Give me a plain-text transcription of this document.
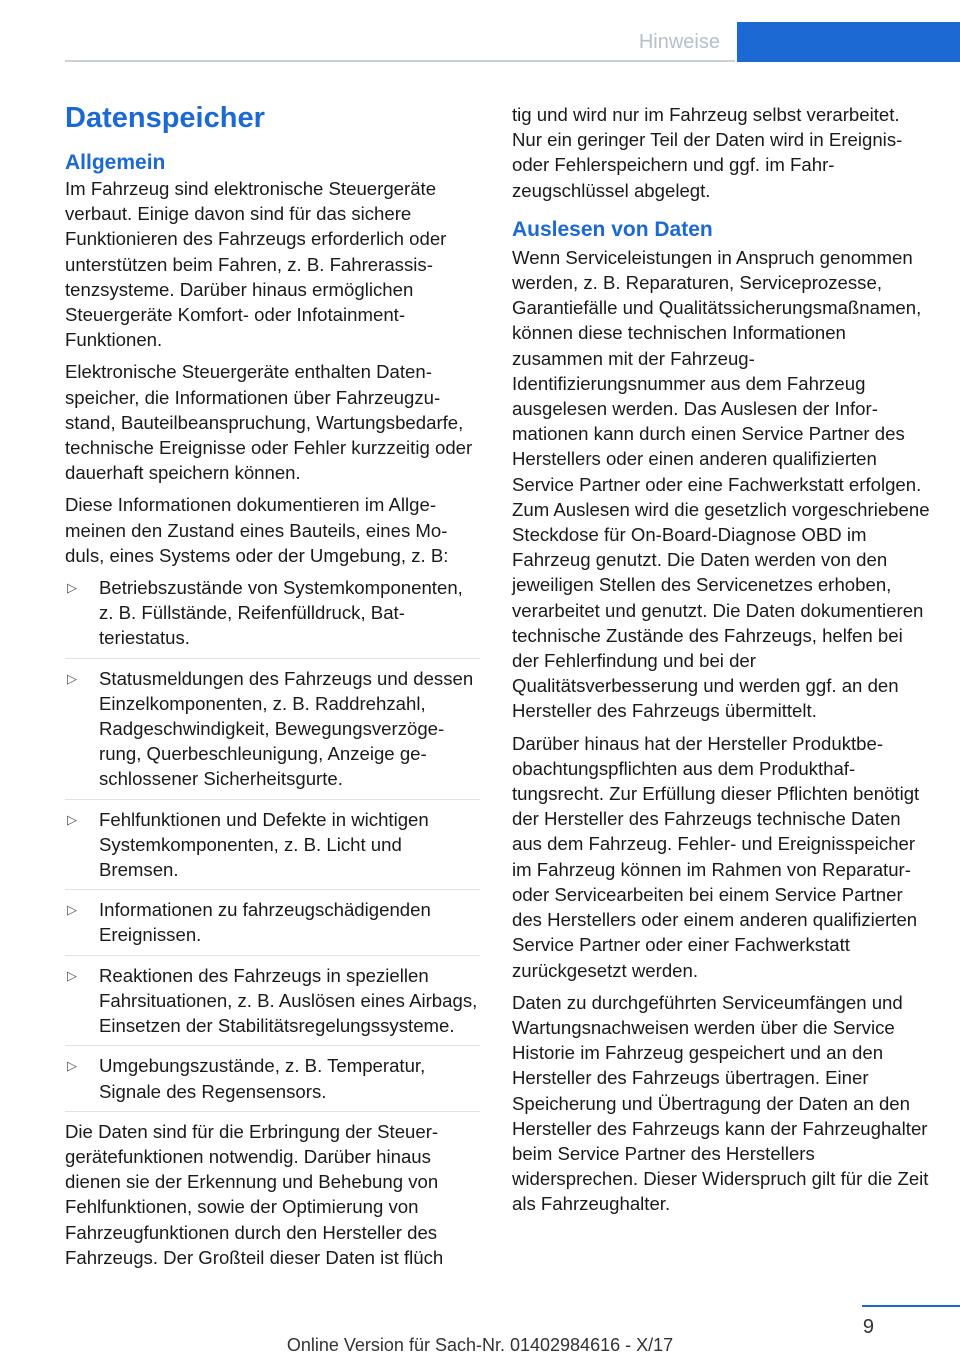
Hinweise
Datenspeicher
Allgemein

Im Fahrzeug sind elektronische Steuergeräte verbaut. Einige davon sind für das sichere Funktionieren des Fahrzeugs erforderlich oder unterstützen beim Fahren, z. B. Fahrerassistenzsysteme. Darüber hinaus ermöglichen Steuergeräte Komfort- oder Infotainment-Funktionen.

Elektronische Steuergeräte enthalten Datenspeicher, die Informationen über Fahrzeugzustand, Bauteilbeanspruchung, Wartungsbedarfe, technische Ereignisse oder Fehler kurzzeitig oder dauerhaft speichern können.

Diese Informationen dokumentieren im Allgemeinen den Zustand eines Bauteils, eines Moduls, eines Systems oder der Umgebung, z. B:

▷ Betriebszustände von Systemkomponenten, z. B. Füllstände, Reifenfülldruck, Batteriestatus.
▷ Statusmeldungen des Fahrzeugs und dessen Einzelkomponenten, z. B. Raddrehzahl, Radgeschwindigkeit, Bewegungsverzögerung, Querbeschleunigung, Anzeige geschlossener Sicherheitsgurte.
▷ Fehlfunktionen und Defekte in wichtigen Systemkomponenten, z. B. Licht und Bremsen.
▷ Informationen zu fahrzeugschädigenden Ereignissen.
▷ Reaktionen des Fahrzeugs in speziellen Fahrsituationen, z. B. Auslösen eines Airbags, Einsetzen der Stabilitätsregelungssysteme.
▷ Umgebungszustände, z. B. Temperatur, Signale des Regensensors.

Die Daten sind für die Erbringung der Steuergerätefunktionen notwendig. Darüber hinaus dienen sie der Erkennung und Behebung von Fehlfunktionen, sowie der Optimierung von Fahrzeugfunktionen durch den Hersteller des Fahrzeugs. Der Großteil dieser Daten ist flüch

tig und wird nur im Fahrzeug selbst verarbeitet. Nur ein geringer Teil der Daten wird in Ereignis- oder Fehlerspeichern und ggf. im Fahrzeugschlüssel abgelegt.

Auslesen von Daten

Wenn Serviceleistungen in Anspruch genommen werden, z. B. Reparaturen, Serviceprozesse, Garantiefälle und Qualitätssicherungsmaßnamen, können diese technischen Informationen zusammen mit der Fahrzeug-Identifizierungsnummer aus dem Fahrzeug ausgelesen werden. Das Auslesen der Informationen kann durch einen Service Partner des Herstellers oder einen anderen qualifizierten Service Partner oder eine Fachwerkstatt erfolgen. Zum Auslesen wird die gesetzlich vorgeschriebene Steckdose für On-Board-Diagnose OBD im Fahrzeug genutzt. Die Daten werden von den jeweiligen Stellen des Servicenetzes erhoben, verarbeitet und genutzt. Die Daten dokumentieren technische Zustände des Fahrzeugs, helfen bei der Fehlerfindung und bei der Qualitätsverbesserung und werden ggf. an den Hersteller des Fahrzeugs übermittelt.

Darüber hinaus hat der Hersteller Produktbeobachtungspflichten aus dem Produkthaftungsrecht. Zur Erfüllung dieser Pflichten benötigt der Hersteller des Fahrzeugs technische Daten aus dem Fahrzeug. Fehler- und Ereignisspeicher im Fahrzeug können im Rahmen von Reparatur- oder Servicearbeiten bei einem Service Partner des Herstellers oder einem anderen qualifizierten Service Partner oder einer Fachwerkstatt zurückgesetzt werden.

Daten zu durchgeführten Serviceumfängen und Wartungsnachweisen werden über die Service Historie im Fahrzeug gespeichert und an den Hersteller des Fahrzeugs übertragen. Einer Speicherung und Übertragung der Daten an den Hersteller des Fahrzeugs kann der Fahrzeughalter beim Service Partner des Herstellers widersprechen. Dieser Widerspruch gilt für die Zeit als Fahrzeughalter.

9
Online Version für Sach-Nr. 01402984616 - X/17
